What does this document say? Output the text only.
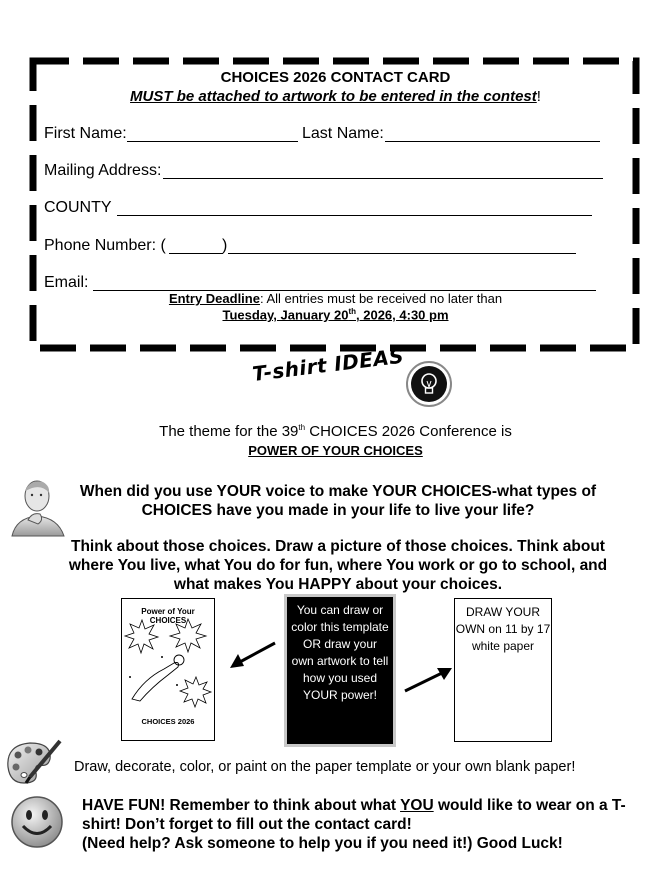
CHOICES 2026 CONTACT CARD
MUST be attached to artwork to be entered in the contest!
First Name:	Last Name:
Mailing Address:
COUNTY
Phone Number: (	)
Email:
Entry Deadline: All entries must be received no later than
Tuesday, January 20th, 2026, 4:30 pm
T-shirt IDEAS
The theme for the 39th CHOICES 2026 Conference is
POWER OF YOUR CHOICES
When did you use YOUR voice to make YOUR CHOICES-what types of CHOICES have you made in your life to live your life?
Think about those choices. Draw a picture of those choices. Think about where You live, what You do for fun, where You work or go to school, and what makes You HAPPY about your choices.
Power of Your CHOICES
CHOICES 2026
You can draw or color this template OR draw your own artwork to tell how you used YOUR power!
DRAW YOUR OWN on 11 by 17 white paper
Draw, decorate, color, or paint on the paper template or your own blank paper!
HAVE FUN! Remember to think about what YOU would like to wear on a T-shirt! Don’t forget to fill out the contact card!
(Need help? Ask someone to help you if you need it!) Good Luck!
